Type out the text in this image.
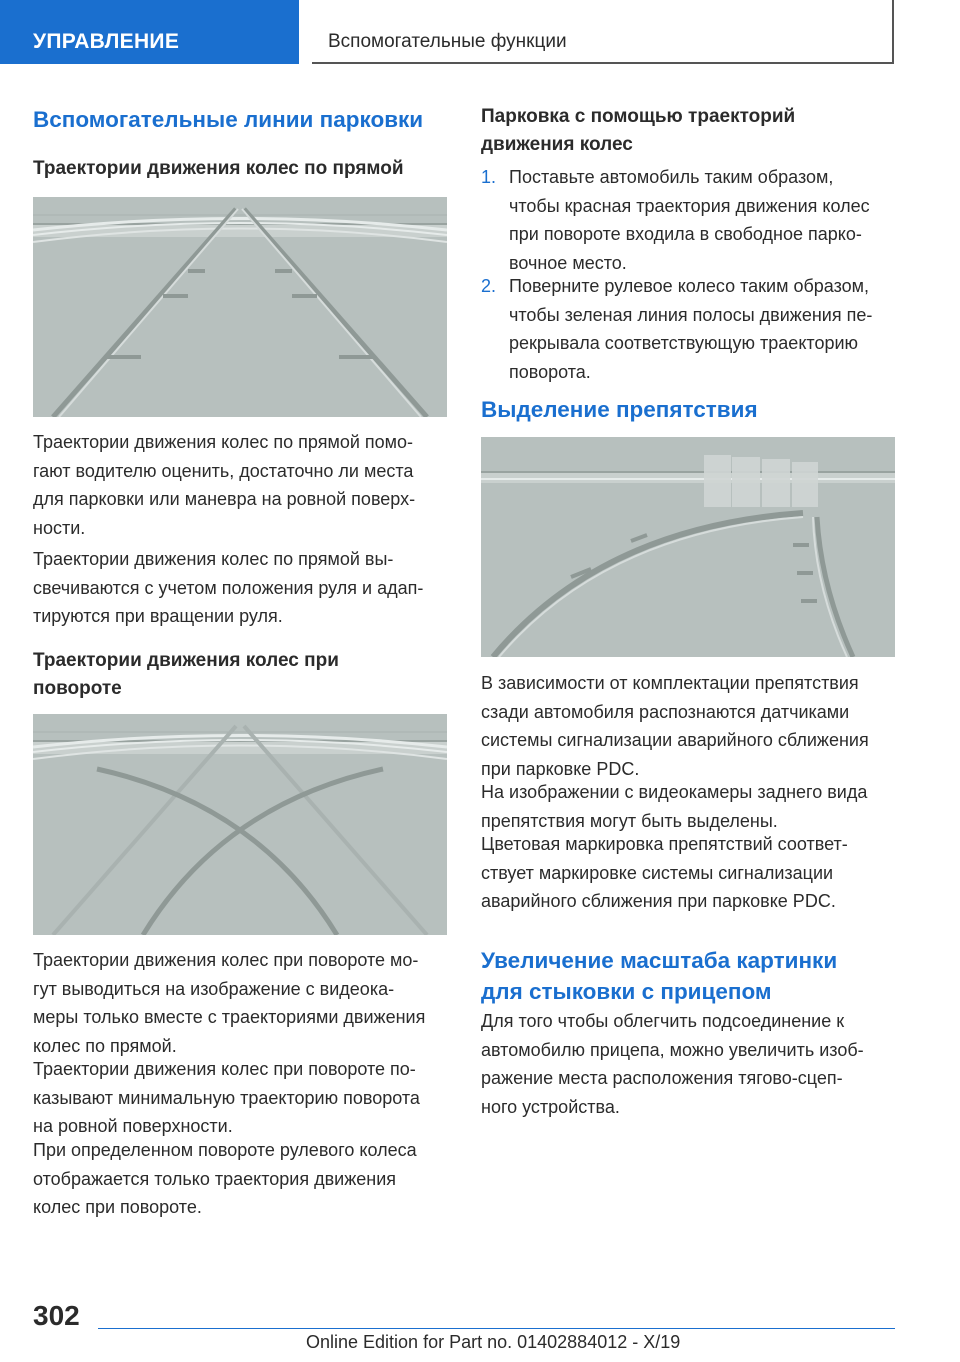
УПРАВЛЕНИЕ	Вспомогательные функции
Вспомогательные линии парковки
Траектории движения колес по прямой

Траектории движения колес по прямой помо-
гают водителю оценить, достаточно ли места
для парковки или маневра на ровной поверх-
ности.

Траектории движения колес по прямой вы-
свечиваются с учетом положения руля и адап-
тируются при вращении руля.

Траектории движения колес при
повороте

Траектории движения колес при повороте мо-
гут выводиться на изображение с видеока-
меры только вместе с траекториями движения
колес по прямой.

Траектории движения колес при повороте по-
казывают минимальную траекторию поворота
на ровной поверхности.

При определенном повороте рулевого колеса
отображается только траектория движения
колес при повороте.

Парковка с помощью траекторий
движения колес
1. Поставьте автомобиль таким образом,
чтобы красная траектория движения колес
при повороте входила в свободное парко-
вочное место.
2. Поверните рулевое колесо таким образом,
чтобы зеленая линия полосы движения пе-
рекрывала соответствующую траекторию
поворота.
Выделение препятствия

В зависимости от комплектации препятствия
сзади автомобиля распознаются датчиками
системы сигнализации аварийного сближения
при парковке PDC.

На изображении с видеокамеры заднего вида
препятствия могут быть выделены.

Цветовая маркировка препятствий соответ-
ствует маркировке системы сигнализации
аварийного сближения при парковке PDC.

Увеличение масштаба картинки
для стыковки с прицепом

Для того чтобы облегчить подсоединение к
автомобилю прицепа, можно увеличить изоб-
ражение места расположения тягово-сцеп-
ного устройства.

302
Online Edition for Part no. 01402884012 - X/19
